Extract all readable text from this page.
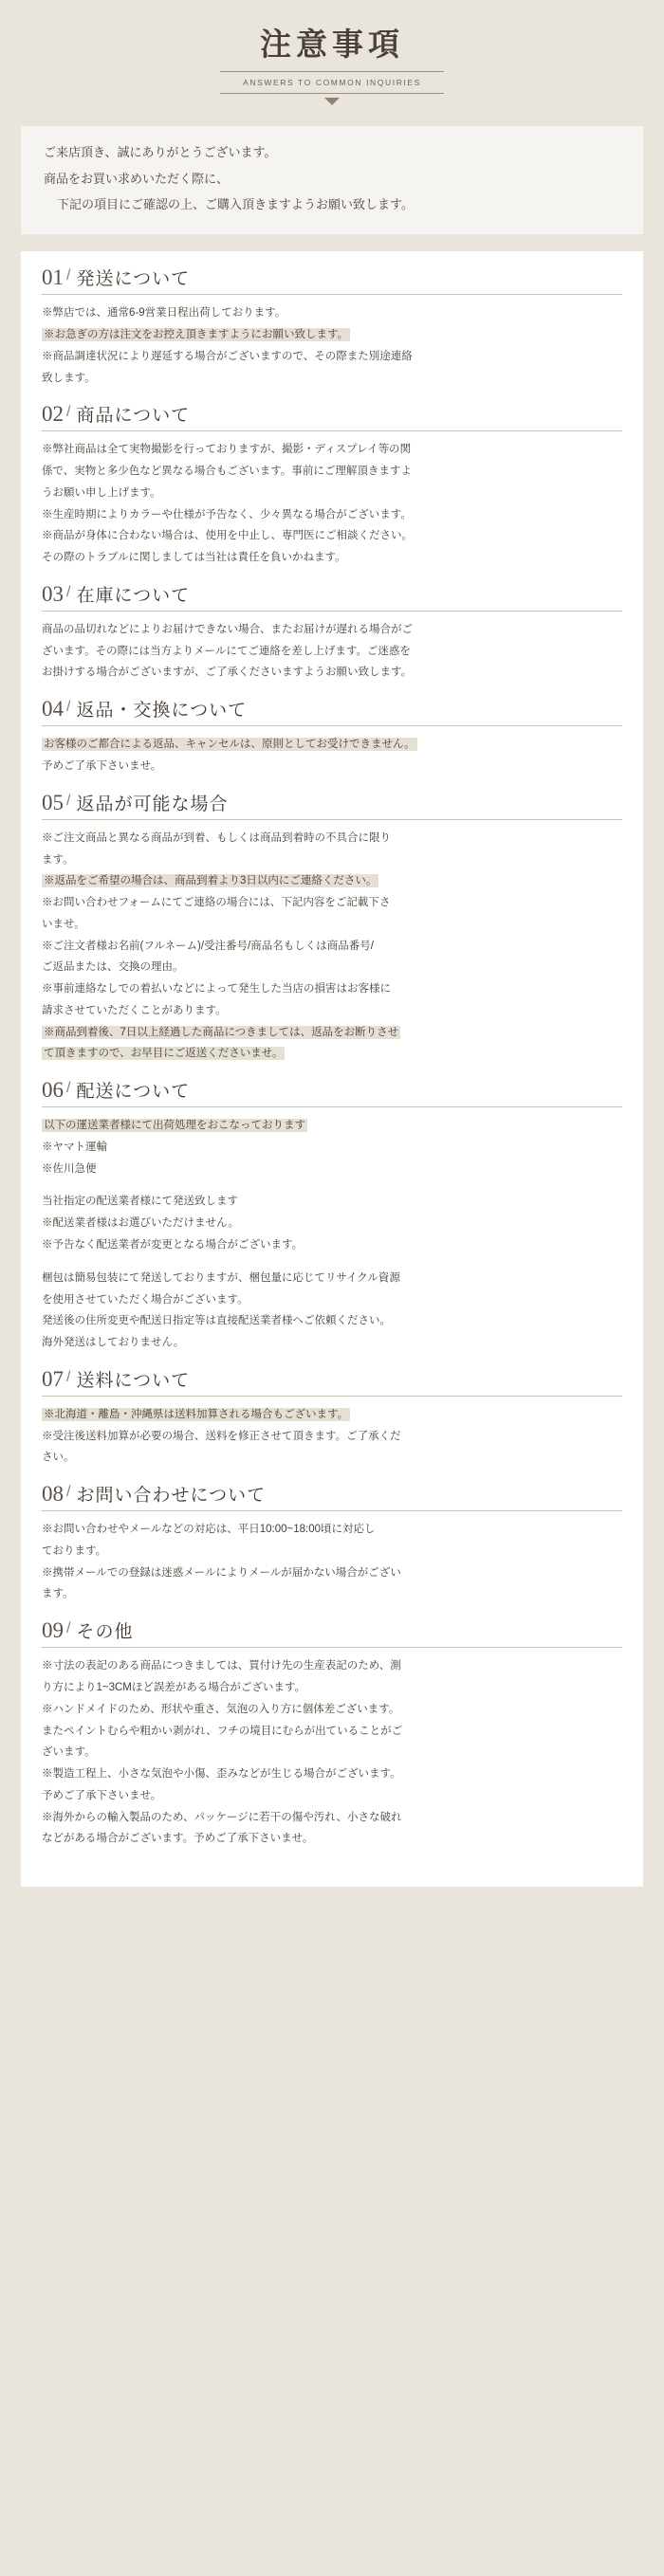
注意事項
ANSWERS TO COMMON INQUIRIES

ご来店頂き、誠にありがとうございます。

商品をお買い求めいただく際に、

下記の項目にご確認の上、ご購入頂きますようお願い致します。

01 / 発送について

※弊店では、通常6-9営業日程出荷しております。

※お急ぎの方は注文をお控え頂きますようにお願い致します。

※商品調達状況により遅延する場合がございますので、その際また別途連絡

致します。

02 / 商品について

※弊社商品は全て実物撮影を行っておりますが、撮影・ディスプレイ等の関

係で、実物と多少色など異なる場合もございます。事前にご理解頂きますよ

うお願い申し上げます。

※生産時期によりカラーや仕様が予告なく、少々異なる場合がございます。

※商品が身体に合わない場合は、使用を中止し、専門医にご相談ください。

その際のトラブルに関しましては当社は責任を負いかねます。

03 / 在庫について

商品の品切れなどによりお届けできない場合、またお届けが遅れる場合がご

ざいます。その際には当方よりメールにてご連絡を差し上げます。ご迷惑を

お掛けする場合がございますが、ご了承くださいますようお願い致します。

04 / 返品・交換について

お客様のご都合による返品、キャンセルは、原則としてお受けできません。

予めご了承下さいませ。

05 / 返品が可能な場合

※ご注文商品と異なる商品が到着、もしくは商品到着時の不具合に限り

ます。

※返品をご希望の場合は、商品到着より3日以内にご連絡ください。

※お問い合わせフォームにてご連絡の場合には、下記内容をご記載下さ

いませ。

※ご注文者様お名前(フルネーム)/受注番号/商品名もしくは商品番号/

ご返品または、交換の理由。

※事前連絡なしでの着払いなどによって発生した当店の損害はお客様に

請求させていただくことがあります。

※商品到着後、7日以上経過した商品につきましては、返品をお断りさせ

て頂きますので、お早目にご返送くださいませ。

06 / 配送について

以下の運送業者様にて出荷処理をおこなっております

※ヤマト運輸

※佐川急便

当社指定の配送業者様にて発送致します

※配送業者様はお選びいただけません。

※予告なく配送業者が変更となる場合がございます。

梱包は簡易包装にて発送しておりますが、梱包量に応じてリサイクル資源

を使用させていただく場合がございます。

発送後の住所変更や配送日指定等は直接配送業者様へご依頼ください。

海外発送はしておりません。

07 / 送料について

※北海道・離島・沖縄県は送料加算される場合もございます。

※受注後送料加算が必要の場合、送料を修正させて頂きます。ご了承くだ

さい。

08 / お問い合わせについて

※お問い合わせやメールなどの対応は、平日10:00~18:00頃に対応し

ております。

※携帯メールでの登録は迷惑メールによりメールが届かない場合がござい

ます。

09 / その他

※寸法の表記のある商品につきましては、買付け先の生産表記のため、測

り方により1~3CMほど誤差がある場合がございます。

※ハンドメイドのため、形状や重さ、気泡の入り方に個体差ございます。

またペイントむらや粗かい剥がれ、フチの境目にむらが出ていることがご

ざいます。

※製造工程上、小さな気泡や小傷、歪みなどが生じる場合がございます。

予めご了承下さいませ。

※海外からの輸入製品のため、パッケージに若干の傷や汚れ、小さな破れ

などがある場合がございます。予めご了承下さいませ。
